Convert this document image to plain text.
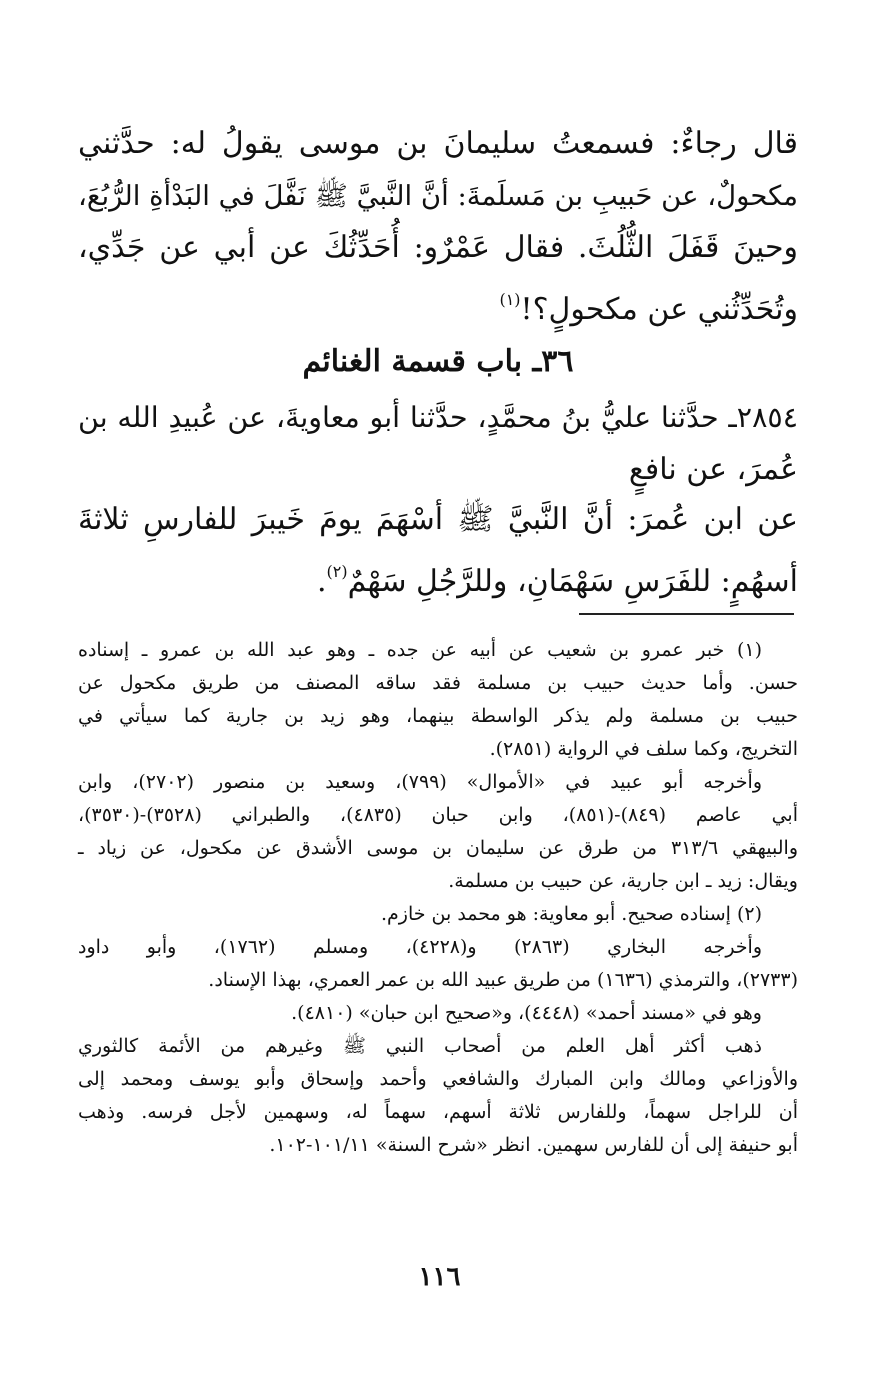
قال رجاءٌ: فسمعتُ سليمانَ بن موسى يقولُ له: حدَّثني
مكحولٌ، عن حَبيبِ بن مَسلَمةَ: أنَّ النَّبيَّ ﷺ نَفَّلَ في البَدْأةِ الرُّبُعَ،
وحينَ قَفَلَ الثُّلُثَ. فقال عَمْرٌو: أُحَدِّثُكَ عن أبي عن جَدِّي،
وتُحَدِّثُني عن مكحولٍ؟!$^{(١)}$
٣٦ـ باب قسمة الغنائم
٢٨٥٤ـ حدَّثنا عليُّ بنُ محمَّدٍ، حدَّثنا أبو معاويةَ، عن عُبيدِ الله بن
عُمرَ، عن نافعٍ
عن ابن عُمرَ: أنَّ النَّبيَّ ﷺ أسْهَمَ يومَ خَيبرَ للفارسِ ثلاثةَ
أسهُمٍ: للفَرَسِ سَهْمَانِ، وللرَّجُلِ سَهْمٌ$^{(٢)}$.
(١) خبر عمرو بن شعيب عن أبيه عن جده ـ وهو عبد الله بن عمرو ـ إسناده
حسن. وأما حديث حبيب بن مسلمة فقد ساقه المصنف من طريق مكحول عن
حبيب بن مسلمة ولم يذكر الواسطة بينهما، وهو زيد بن جارية كما سيأتي في
التخريج، وكما سلف في الرواية (٢٨٥١).
وأخرجه أبو عبيد في «الأموال» (٧٩٩)، وسعيد بن منصور (٢٧٠٢)، وابن
أبي عاصم (٨٤٩)-(٨٥١)، وابن حبان (٤٨٣٥)، والطبراني (٣٥٢٨)-(٣٥٣٠)،
والبيهقي ٣١٣/٦ من طرق عن سليمان بن موسى الأشدق عن مكحول، عن زياد ـ
ويقال: زيد ـ ابن جارية، عن حبيب بن مسلمة.
(٢) إسناده صحيح. أبو معاوية: هو محمد بن خازم.
وأخرجه البخاري (٢٨٦٣) و(٤٢٢٨)، ومسلم (١٧٦٢)، وأبو داود
(٢٧٣٣)، والترمذي (١٦٣٦) من طريق عبيد الله بن عمر العمري، بهذا الإسناد.
وهو في «مسند أحمد» (٤٤٤٨)، و«صحيح ابن حبان» (٤٨١٠).
ذهب أكثر أهل العلم من أصحاب النبي ﷺ وغيرهم من الأئمة كالثوري
والأوزاعي ومالك وابن المبارك والشافعي وأحمد وإسحاق وأبو يوسف ومحمد إلى
أن للراجل سهماً، وللفارس ثلاثة أسهم، سهماً له، وسهمين لأجل فرسه. وذهب
أبو حنيفة إلى أن للفارس سهمين. انظر «شرح السنة» ١٠١/١١-١٠٢.
١١٦
